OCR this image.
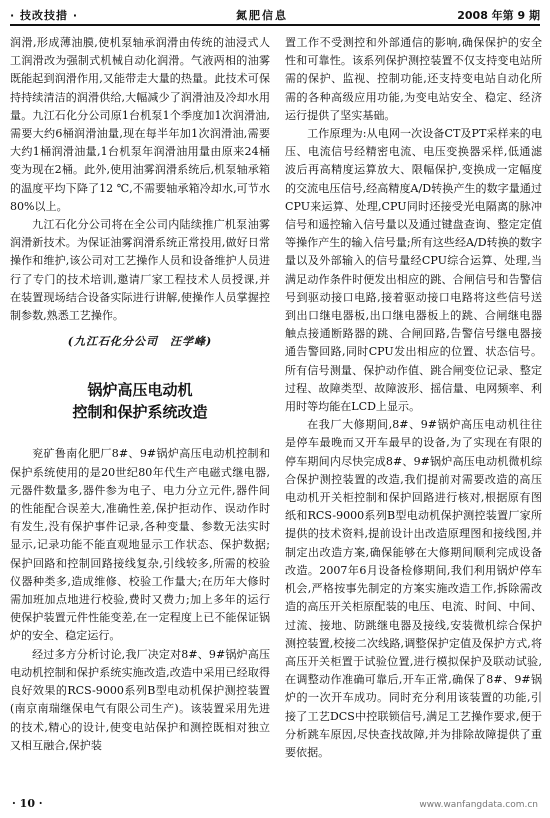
· 技改技措 ·	氮肥信息	2008 年第 9 期

润滑,形成薄油膜,使机泵轴承润滑由传统的油浸式人工润滑改为强制式机械自动化润滑。气液两相的油雾既能起到润滑作用,又能带走大量的热量。此技术可保持持续清洁的润滑供给,大幅减少了润滑油及冷却水用量。九江石化分公司原1台机泵1个季度加1次润滑油,需要大约6桶润滑油量,现在每半年加1次润滑油,需要大约1桶润滑油量,1台机泵年润滑油用量由原来24桶变为现在2桶。此外,使用油雾润滑系统后,机泵轴承箱的温度平均下降了12 ℃,不需要轴承箱冷却水,可节水80%以上。

九江石化分公司将在全公司内陆续推广机泵油雾润滑新技术。为保证油雾润滑系统正常投用,做好日常操作和维护,该公司对工艺操作人员和设备维护人员进行了专门的技术培训,邀请厂家工程技术人员授课,并在装置现场结合设备实际进行讲解,使操作人员掌握控制参数,熟悉工艺操作。

(九江石化分公司　汪学峰)
锅炉高压电动机
控制和保护系统改造

兖矿鲁南化肥厂8#、9#锅炉高压电动机控制和保护系统使用的是20世纪80年代生产电磁式继电器,元器件数量多,器件参为电子、电力分立元件,器件间的性能配合误差大,准确性差,保护拒动作、误动作时有发生,没有保护事件记录,各种变量、参数无法实时显示,记录功能不能直观地显示工作状态、保护数据;保护回路和控制回路接线复杂,引线较多,所需的校验仪器种类多,造成维修、校验工作量大;在历年大修时需加班加点地进行校验,费时又费力;加上多年的运行使保护装置元件性能变差,在一定程度上已不能保证锅炉的安全、稳定运行。

经过多方分析讨论,我厂决定对8#、9#锅炉高压电动机控制和保护系统实施改造,改造中采用已经取得良好效果的RCS-9000系列B型电动机保护测控装置(南京南瑞继保电气有限公司生产)。该装置采用先进的技术,精心的设计,使变电站保护和测控既相对独立又相互融合,保护装

置工作不受测控和外部通信的影响,确保保护的安全性和可靠性。该系列保护测控装置不仅支持变电站所需的保护、监视、控制功能,还支持变电站自动化所需的各种高级应用功能,为变电站安全、稳定、经济运行提供了坚实基础。

工作原理为:从电网一次设备CT及PT采样来的电压、电流信号经精密电流、电压变换器采样,低通滤波后再高精度运算放大、限幅保护,变换成一定幅度的交流电压信号,经高精度A/D转换产生的数字量通过CPU来运算、处理,CPU同时还接受光电隔离的脉冲信号和遥控输入信号量以及通过键盘查询、整定定值等操作产生的输入信号量;所有这些经A/D转换的数字量以及外部输入的信号量经CPU综合运算、处理,当满足动作条件时便发出相应的跳、合闸信号和告警信号到驱动接口电路,接着驱动接口电路将这些信号送到出口继电器板,出口继电器板上的跳、合闸继电器触点接通断路器的跳、合闸回路,告警信号继电器接通告警回路,同时CPU发出相应的位置、状态信号。所有信号测量、保护动作值、跳合闸变位记录、整定过程、故障类型、故障波形、摇信量、电网频率、利用时等均能在LCD上显示。

在我厂大修期间,8#、9#锅炉高压电动机往往是停车最晚而又开车最早的设备,为了实现在有限的停车期间内尽快完成8#、9#锅炉高压电动机微机综合保护测控装置的改造,我们提前对需要改造的高压电动机开关柜控制和保护回路进行核对,根据原有图纸和RCS-9000系列B型电动机保护测控装置厂家所提供的技术资料,提前设计出改造原理图和接线图,并制定出改造方案,确保能够在大修期间顺利完成设备改造。2007年6月设备检修期间,我们利用锅炉停车机会,严格按事先制定的方案实施改造工作,拆除需改造的高压开关柜原配装的电压、电流、时间、中间、过流、接地、防跳继电器及接线,安装微机综合保护测控装置,校接二次线路,调整保护定值及保护方式,将高压开关柜置于试验位置,进行模拟保护及联动试验,在调整动作准确可靠后,开车正常,确保了8#、9#锅炉的一次开车成功。同时充分利用该装置的功能,引接了工艺DCS中控联锁信号,满足工艺操作要求,便于分析跳车原因,尽快查找故障,并为排除故障提供了重要依据。

· 10 ·	www.wanfangdata.com.cn
